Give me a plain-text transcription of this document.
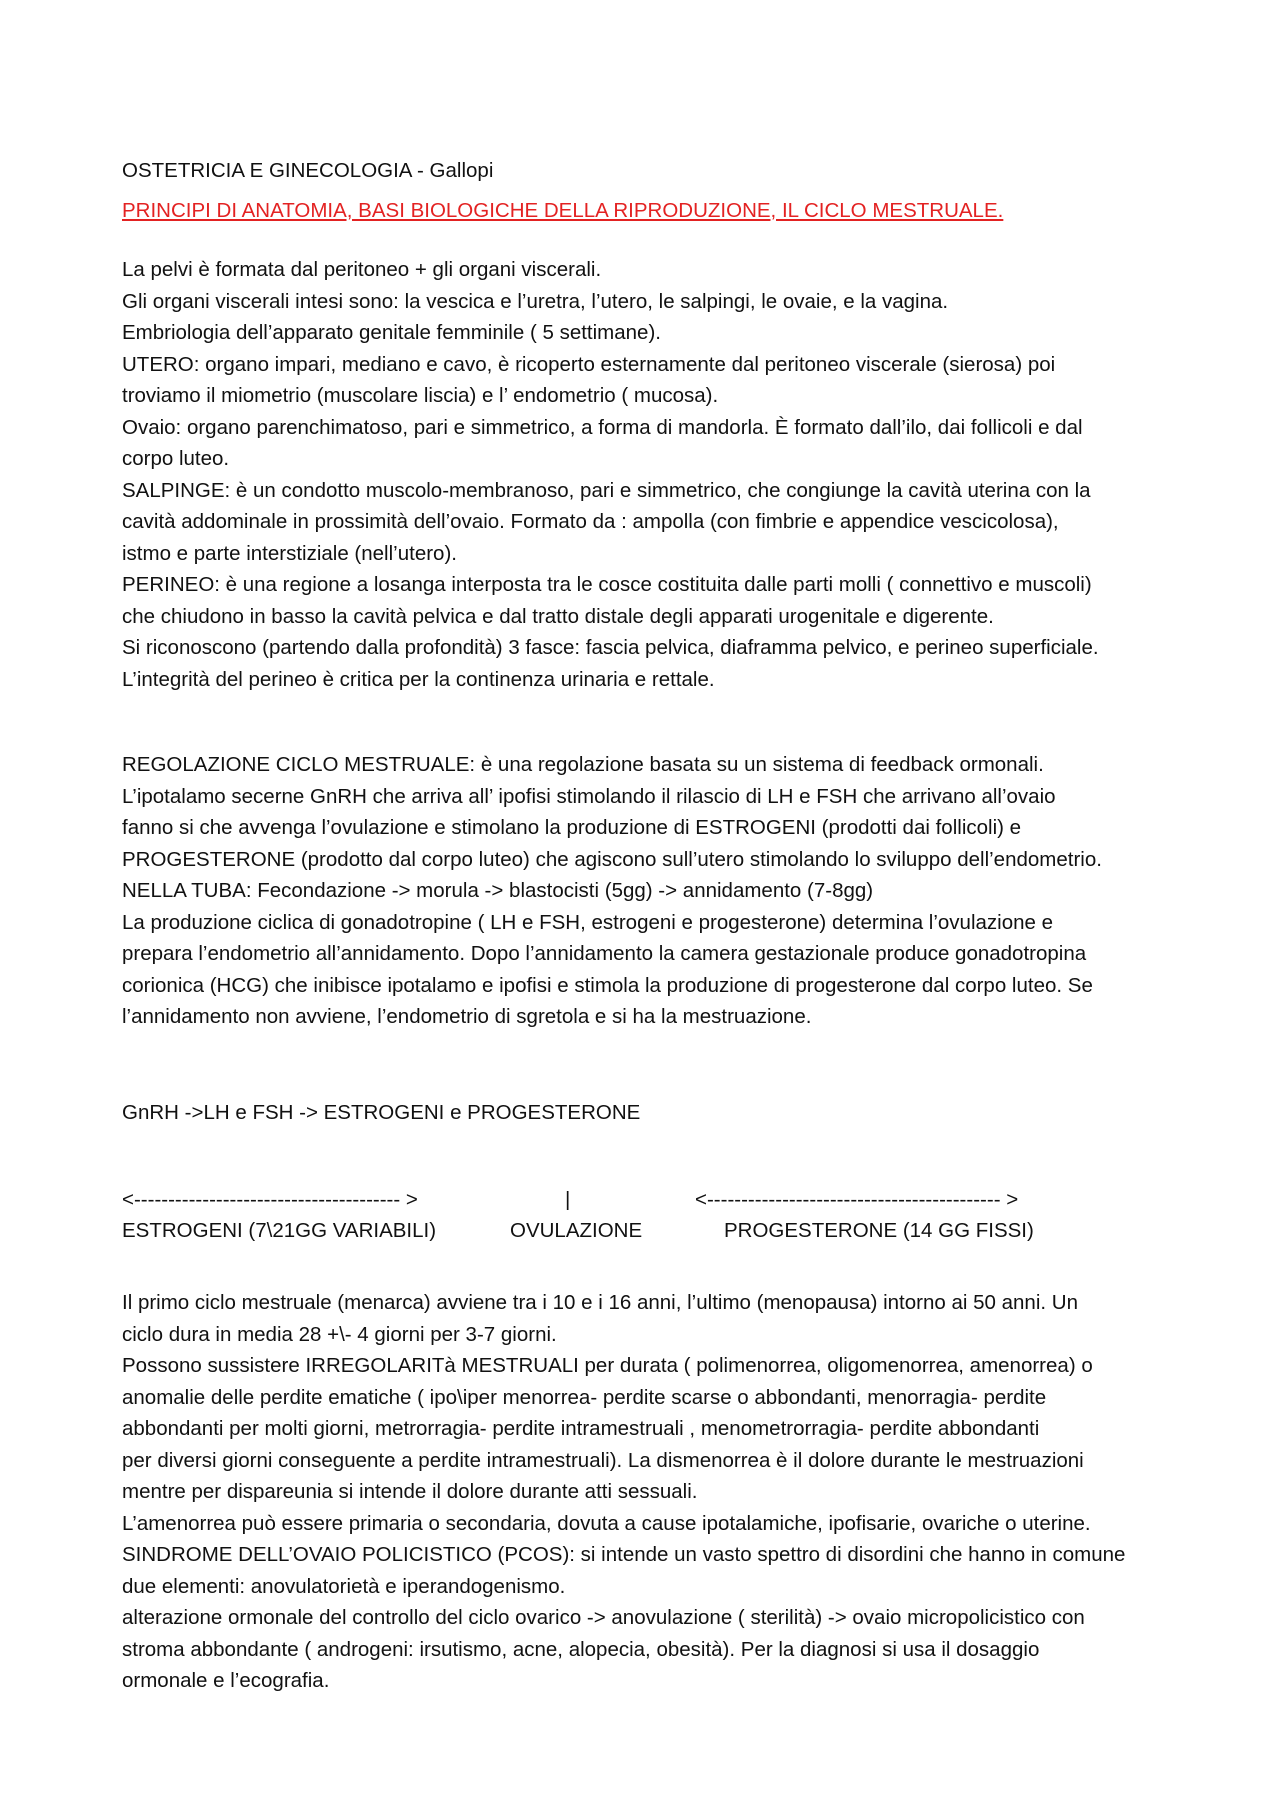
OSTETRICIA E GINECOLOGIA - Gallopi
PRINCIPI DI ANATOMIA, BASI BIOLOGICHE DELLA RIPRODUZIONE, IL CICLO MESTRUALE.
La pelvi è formata dal peritoneo + gli organi viscerali.
Gli organi viscerali intesi sono: la vescica e l’uretra, l’utero, le salpingi, le ovaie, e la vagina.
Embriologia dell’apparato genitale femminile ( 5 settimane).
UTERO: organo impari, mediano e cavo, è ricoperto esternamente dal peritoneo viscerale (sierosa) poi
troviamo il miometrio (muscolare liscia) e l’ endometrio ( mucosa).
Ovaio: organo parenchimatoso, pari e simmetrico, a forma di mandorla. È formato dall’ilo, dai follicoli e dal
corpo luteo.
SALPINGE: è un condotto muscolo-membranoso, pari e simmetrico, che congiunge la cavità uterina con la
cavità addominale in prossimità dell’ovaio. Formato da : ampolla (con fimbrie e appendice vescicolosa),
istmo e parte interstiziale (nell’utero).
PERINEO: è una regione a losanga interposta tra le cosce costituita dalle parti molli ( connettivo e muscoli)
che chiudono in basso la cavità pelvica e dal tratto distale degli apparati urogenitale e digerente.
Si riconoscono (partendo dalla profondità) 3 fasce: fascia pelvica, diaframma pelvico, e perineo superficiale.
L’integrità del perineo è critica per la continenza urinaria e rettale.
REGOLAZIONE CICLO MESTRUALE: è una regolazione basata su un sistema di feedback ormonali.
L’ipotalamo secerne GnRH che arriva all’ ipofisi stimolando il rilascio di LH e FSH che arrivano all’ovaio
fanno si che avvenga l’ovulazione e stimolano la produzione di ESTROGENI (prodotti dai follicoli) e
PROGESTERONE (prodotto dal corpo luteo) che agiscono sull’utero stimolando lo sviluppo dell’endometrio.
NELLA TUBA: Fecondazione -> morula -> blastocisti (5gg) -> annidamento (7-8gg)
La produzione ciclica di gonadotropine ( LH e FSH, estrogeni e progesterone) determina l’ovulazione e
prepara l’endometrio all’annidamento. Dopo l’annidamento la camera gestazionale produce gonadotropina
corionica (HCG) che inibisce ipotalamo e ipofisi e stimola la produzione di progesterone dal corpo luteo. Se
l’annidamento non avviene, l’endometrio di sgretola e si ha la mestruazione.
GnRH ->LH e FSH -> ESTROGENI e PROGESTERONE
<--------------------------------------- >	|	<------------------------------------------- >
ESTROGENI (7\21GG VARIABILI)	OVULAZIONE	PROGESTERONE (14 GG FISSI)
Il primo ciclo mestruale (menarca) avviene tra i 10 e i 16 anni, l’ultimo (menopausa) intorno ai 50 anni. Un
ciclo dura in media 28 +\- 4 giorni per 3-7 giorni.
Possono sussistere IRREGOLARITà MESTRUALI per durata ( polimenorrea, oligomenorrea, amenorrea) o
anomalie delle perdite ematiche ( ipo\iper menorrea- perdite scarse o abbondanti, menorragia- perdite
abbondanti per molti giorni, metrorragia- perdite intramestruali , menometrorragia- perdite abbondanti
per diversi giorni conseguente a perdite intramestruali). La dismenorrea è il dolore durante le mestruazioni
mentre per dispareunia si intende il dolore durante atti sessuali.
L’amenorrea può essere primaria o secondaria, dovuta a cause ipotalamiche, ipofisarie, ovariche o uterine.
SINDROME DELL’OVAIO POLICISTICO (PCOS): si intende un vasto spettro di disordini che hanno in comune
due elementi: anovulatorietà e iperandogenismo.
alterazione ormonale del controllo del ciclo ovarico -> anovulazione ( sterilità) -> ovaio micropolicistico con
stroma abbondante ( androgeni: irsutismo, acne, alopecia, obesità). Per la diagnosi si usa il dosaggio
ormonale e l’ecografia.
